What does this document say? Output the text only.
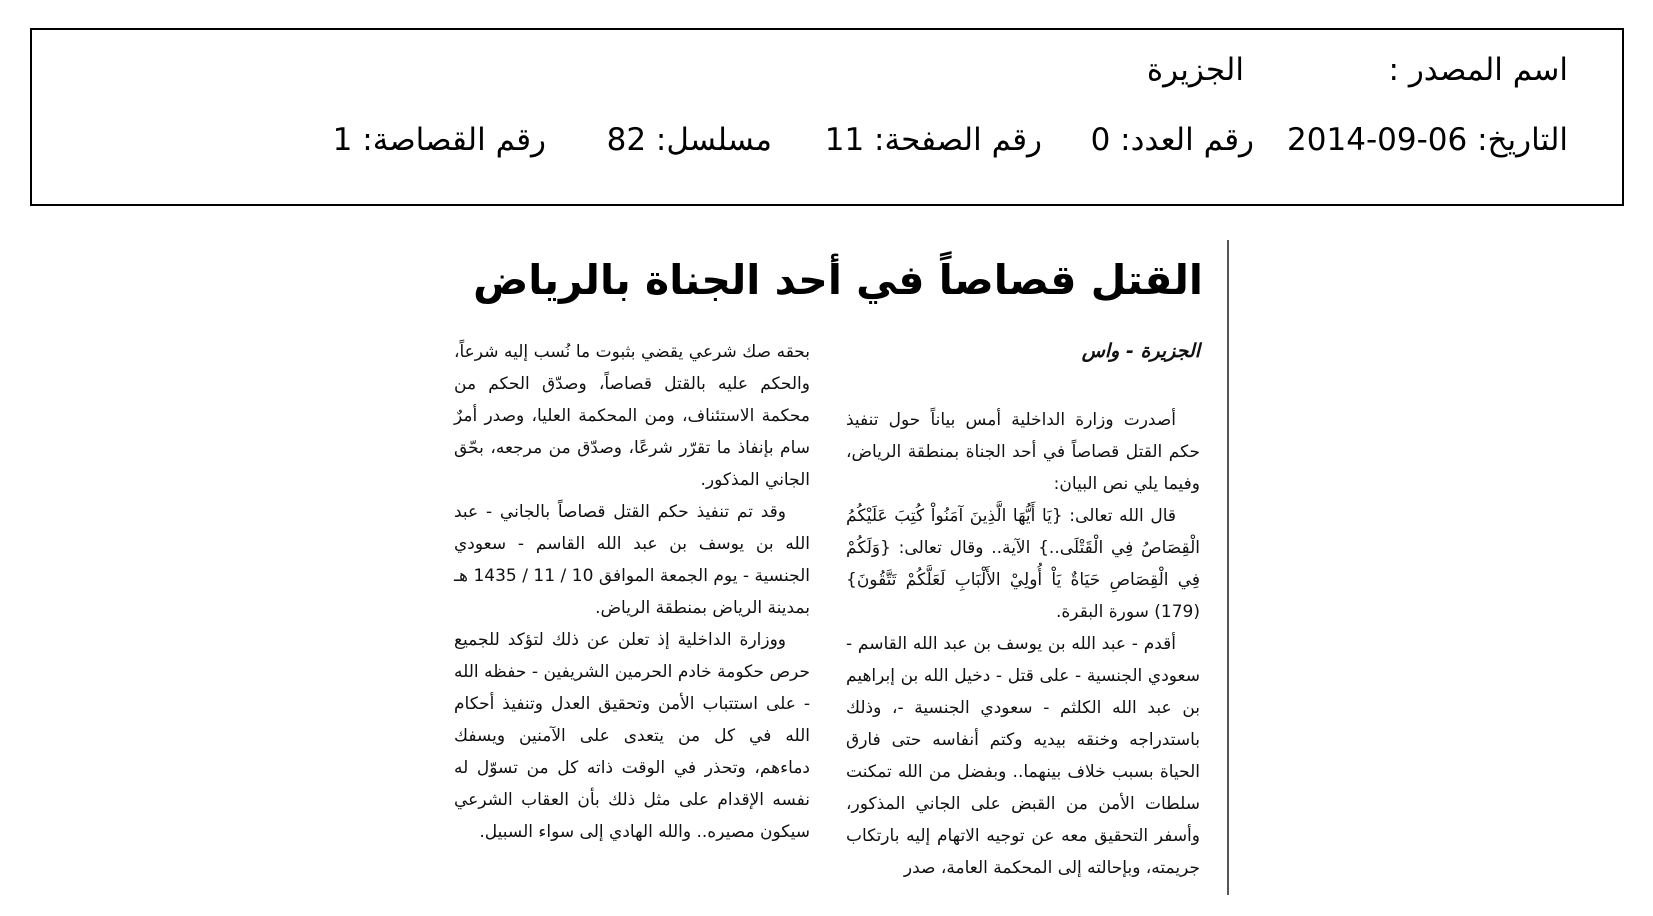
اسم المصدر :
الجزيرة
التاريخ: 06-09-2014
رقم العدد: 0
رقم الصفحة: 11
مسلسل: 82
رقم القصاصة: 1
القتل قصاصاً في أحد الجناة بالرياض
الجزيرة - واس

أصدرت وزارة الداخلية أمس بياناً حول تنفيذ حكم القتل قصاصاً في أحد الجناة بمنطقة الرياض، وفيما يلي نص البيان:

قال الله تعالى: {يَا أَيُّهَا الَّذِينَ آمَنُواْ كُتِبَ عَلَيْكُمُ الْقِصَاصُ فِي الْقَتْلَى..} الآية.. وقال تعالى: {وَلَكُمْ فِي الْقِصَاصِ حَيَاةٌ يَاْ أُولِيْ الأَلْبَابِ لَعَلَّكُمْ تَتَّقُونَ} (179) سورة البقرة.

أقدم - عبد الله بن يوسف بن عبد الله القاسم - سعودي الجنسية - على قتل - دخيل الله بن إبراهيم بن عبد الله الكلثم - سعودي الجنسية -، وذلك باستدراجه وخنقه بيديه وكتم أنفاسه حتى فارق الحياة بسبب خلاف بينهما.. وبفضل من الله تمكنت سلطات الأمن من القبض على الجاني المذكور، وأسفر التحقيق معه عن توجيه الاتهام إليه بارتكاب جريمته، وبإحالته إلى المحكمة العامة، صدر

بحقه صك شرعي يقضي بثبوت ما نُسب إليه شرعاً، والحكم عليه بالقتل قصاصاً، وصدّق الحكم من محكمة الاستئناف، ومن المحكمة العليا، وصدر أمرٌ سام بإنفاذ ما تقرّر شرعًا، وصدّق من مرجعه، بحّق الجاني المذكور.

وقد تم تنفيذ حكم القتل قصاصاً بالجاني - عبد الله بن يوسف بن عبد الله القاسم - سعودي الجنسية - يوم الجمعة الموافق 10 / 11 / 1435 هـ بمدينة الرياض بمنطقة الرياض.

ووزارة الداخلية إذ تعلن عن ذلك لتؤكد للجميع حرص حكومة خادم الحرمين الشريفين - حفظه الله - على استتباب الأمن وتحقيق العدل وتنفيذ أحكام الله في كل من يتعدى على الآمنين ويسفك دماءهم، وتحذر في الوقت ذاته كل من تسوّل له نفسه الإقدام على مثل ذلك بأن العقاب الشرعي سيكون مصيره.. والله الهادي إلى سواء السبيل.
